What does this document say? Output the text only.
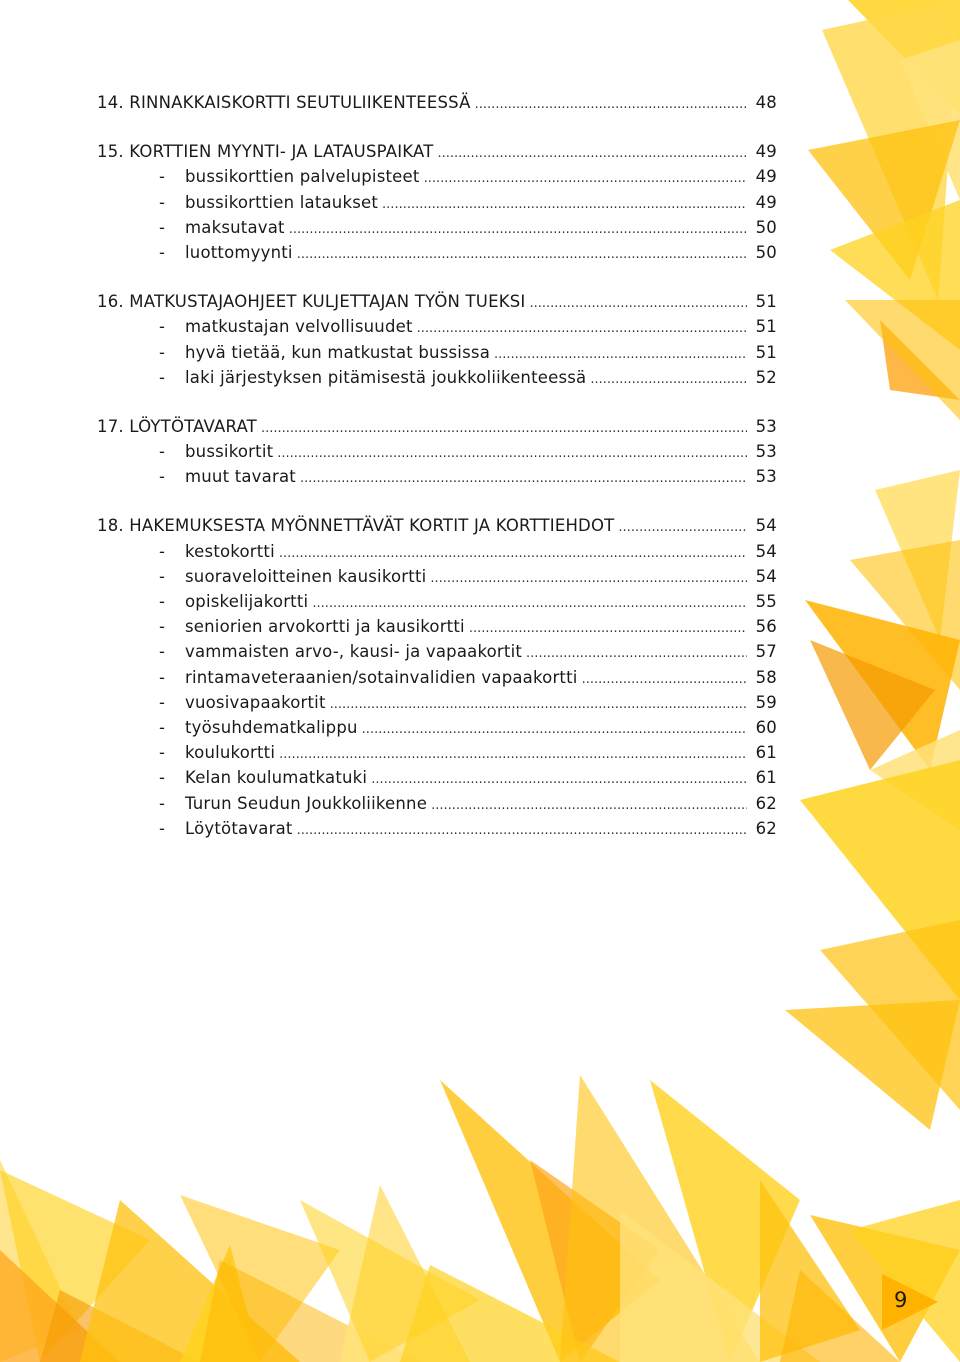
14. RINNAKKAISKORTTI SEUTULIIKENTEESSÄ .....	48
15. KORTTIEN MYYNTI- JA LATAUSPAIKAT .....	49
- bussikorttien palvelupisteet .....	49
- bussikorttien lataukset .....	49
- maksutavat .....	50
- luottomyynti .....	50
16. MATKUSTAJAOHJEET KULJETTAJAN TYÖN TUEKSI .....	51
- matkustajan velvollisuudet .....	51
- hyvä tietää, kun matkustat bussissa .....	51
- laki järjestyksen pitämisestä joukkoliikenteessä .....	52
17. LÖYTÖTAVARAT .....	53
- bussikortit .....	53
- muut tavarat .....	53
18. HAKEMUKSESTA MYÖNNETTÄVÄT KORTIT JA KORTTIEHDOT .....	54
- kestokortti .....	54
- suoraveloitteinen kausikortti .....	54
- opiskelijakortti .....	55
- seniorien arvokortti ja kausikortti .....	56
- vammaisten arvo-, kausi- ja vapaakortit .....	57
- rintamaveteraanien/sotainvalidien vapaakortti .....	58
- vuosivapaakortit .....	59
- työsuhdematkalippu .....	60
- koulukortti .....	61
- Kelan koulumatkatuki .....	61
- Turun Seudun Joukkoliikenne .....	62
- Löytötavarat .....	62
9
